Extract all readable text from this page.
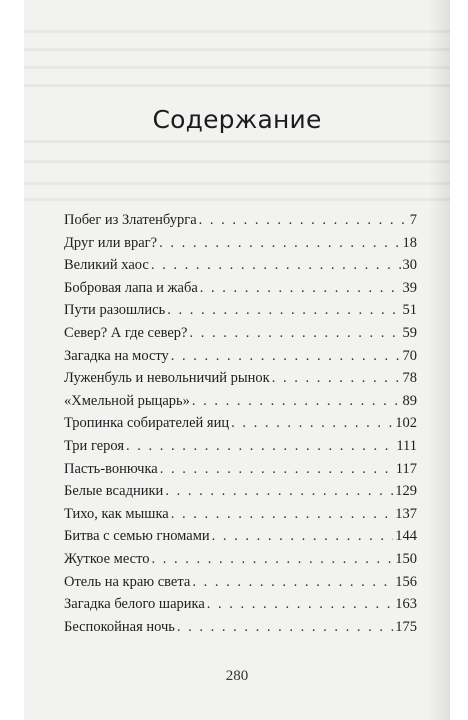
Содержание
Побег из Златенбурга . . .	7
Друг или враг? . . .	18
Великий хаос . . .	30
Бобровая лапа и жаба . . .	39
Пути разошлись . . .	51
Север? А где север? . . .	59
Загадка на мосту . . .	70
Луженбуль и невольничий рынок . . .	78
«Хмельной рыцарь» . . .	89
Тропинка собирателей яиц . . .	102
Три героя . . .	111
Пасть-вонючка . . .	117
Белые всадники . . .	129
Тихо, как мышка . . .	137
Битва с семью гномами . . .	144
Жуткое место . . .	150
Отель на краю света . . .	156
Загадка белого шарика . . .	163
Беспокойная ночь . . .	175
280
